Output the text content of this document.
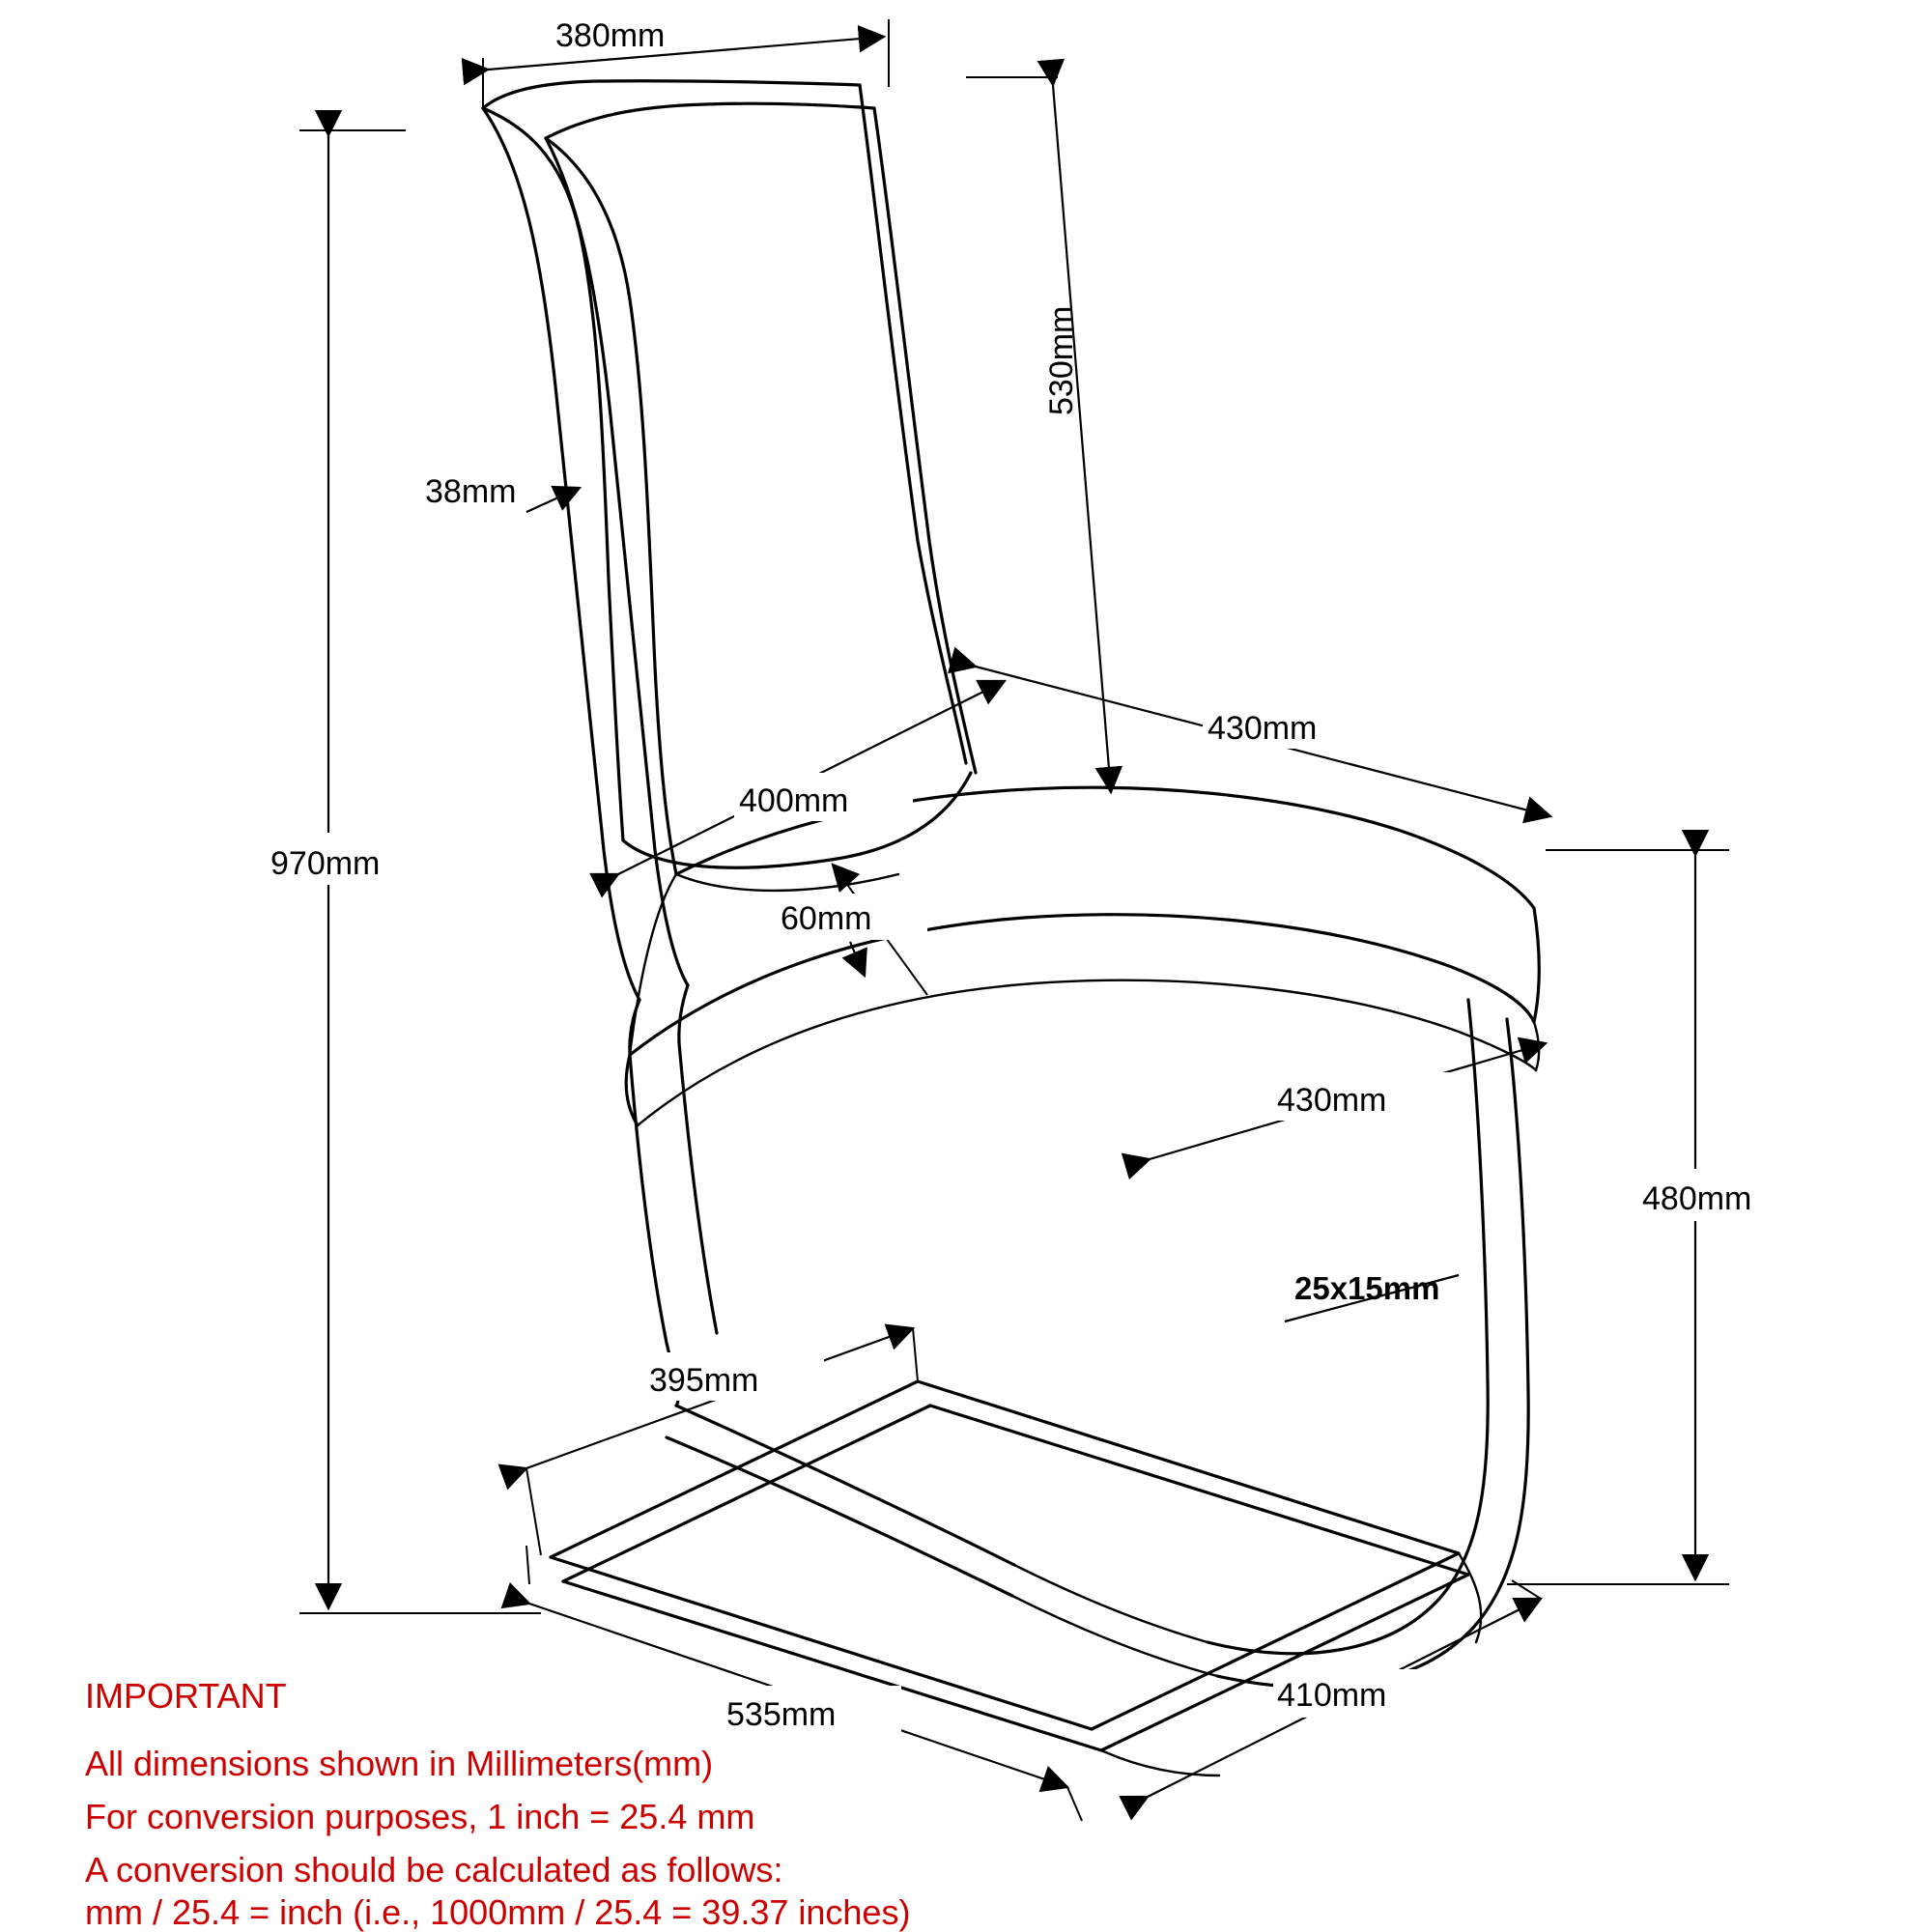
380mm
38mm
530mm
970mm
400mm
430mm
60mm
430mm
480mm
25x15mm
395mm
535mm
410mm
IMPORTANT
All dimensions shown in Millimeters(mm)
For conversion purposes, 1 inch = 25.4 mm
A conversion should be calculated as follows:
mm / 25.4 = inch (i.e., 1000mm / 25.4 = 39.37 inches)
